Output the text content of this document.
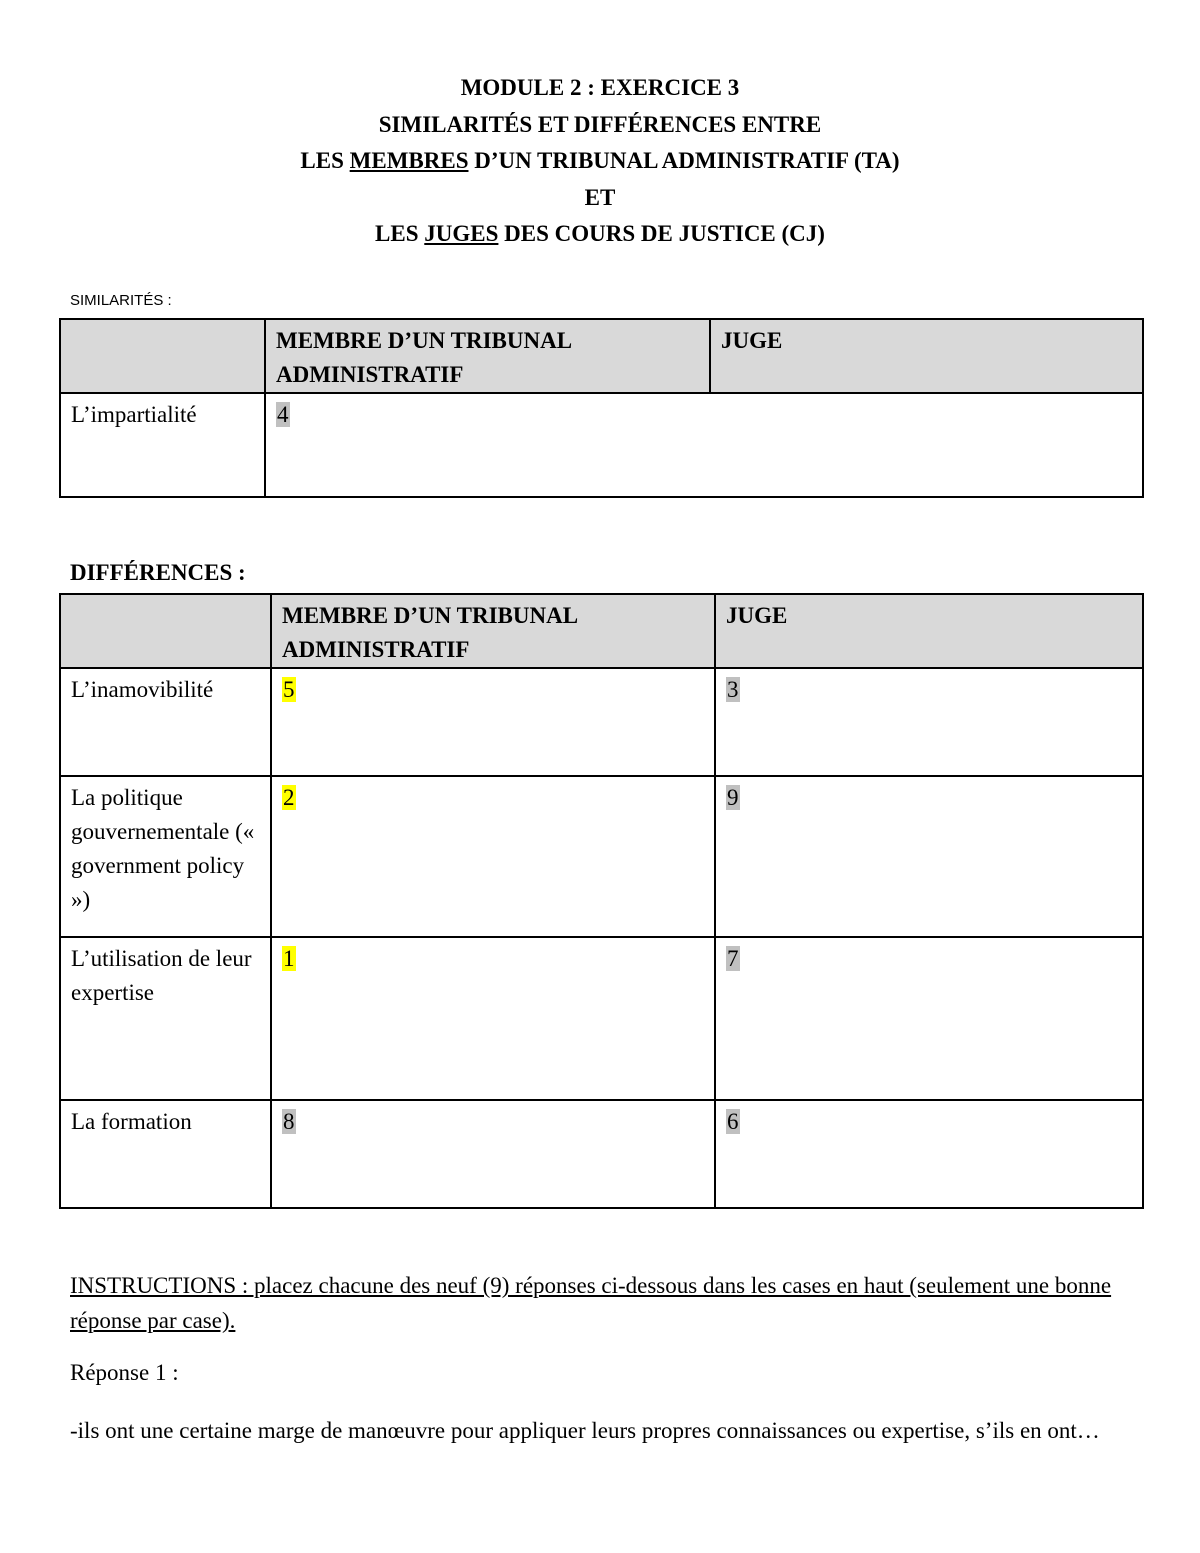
MODULE 2 : EXERCICE 3
SIMILARITÉS ET DIFFÉRENCES ENTRE
LES MEMBRES D’UN TRIBUNAL ADMINISTRATIF (TA)
ET
LES JUGES DES COURS DE JUSTICE (CJ)
SIMILARITÉS :
	MEMBRE D’UN TRIBUNAL ADMINISTRATIF	JUGE
L’impartialité	4	
DIFFÉRENCES :
	MEMBRE D’UN TRIBUNAL ADMINISTRATIF	JUGE
L’inamovibilité	5	3
La politique gouvernementale (« government policy »)	2	9
L’utilisation de leur expertise	1	7
La formation	8	6
INSTRUCTIONS : placez chacune des neuf (9) réponses ci-dessous dans les cases en haut (seulement une bonne réponse par case).
Réponse 1 :
-ils ont une certaine marge de manœuvre pour appliquer leurs propres connaissances ou expertise, s’ils en ont…
